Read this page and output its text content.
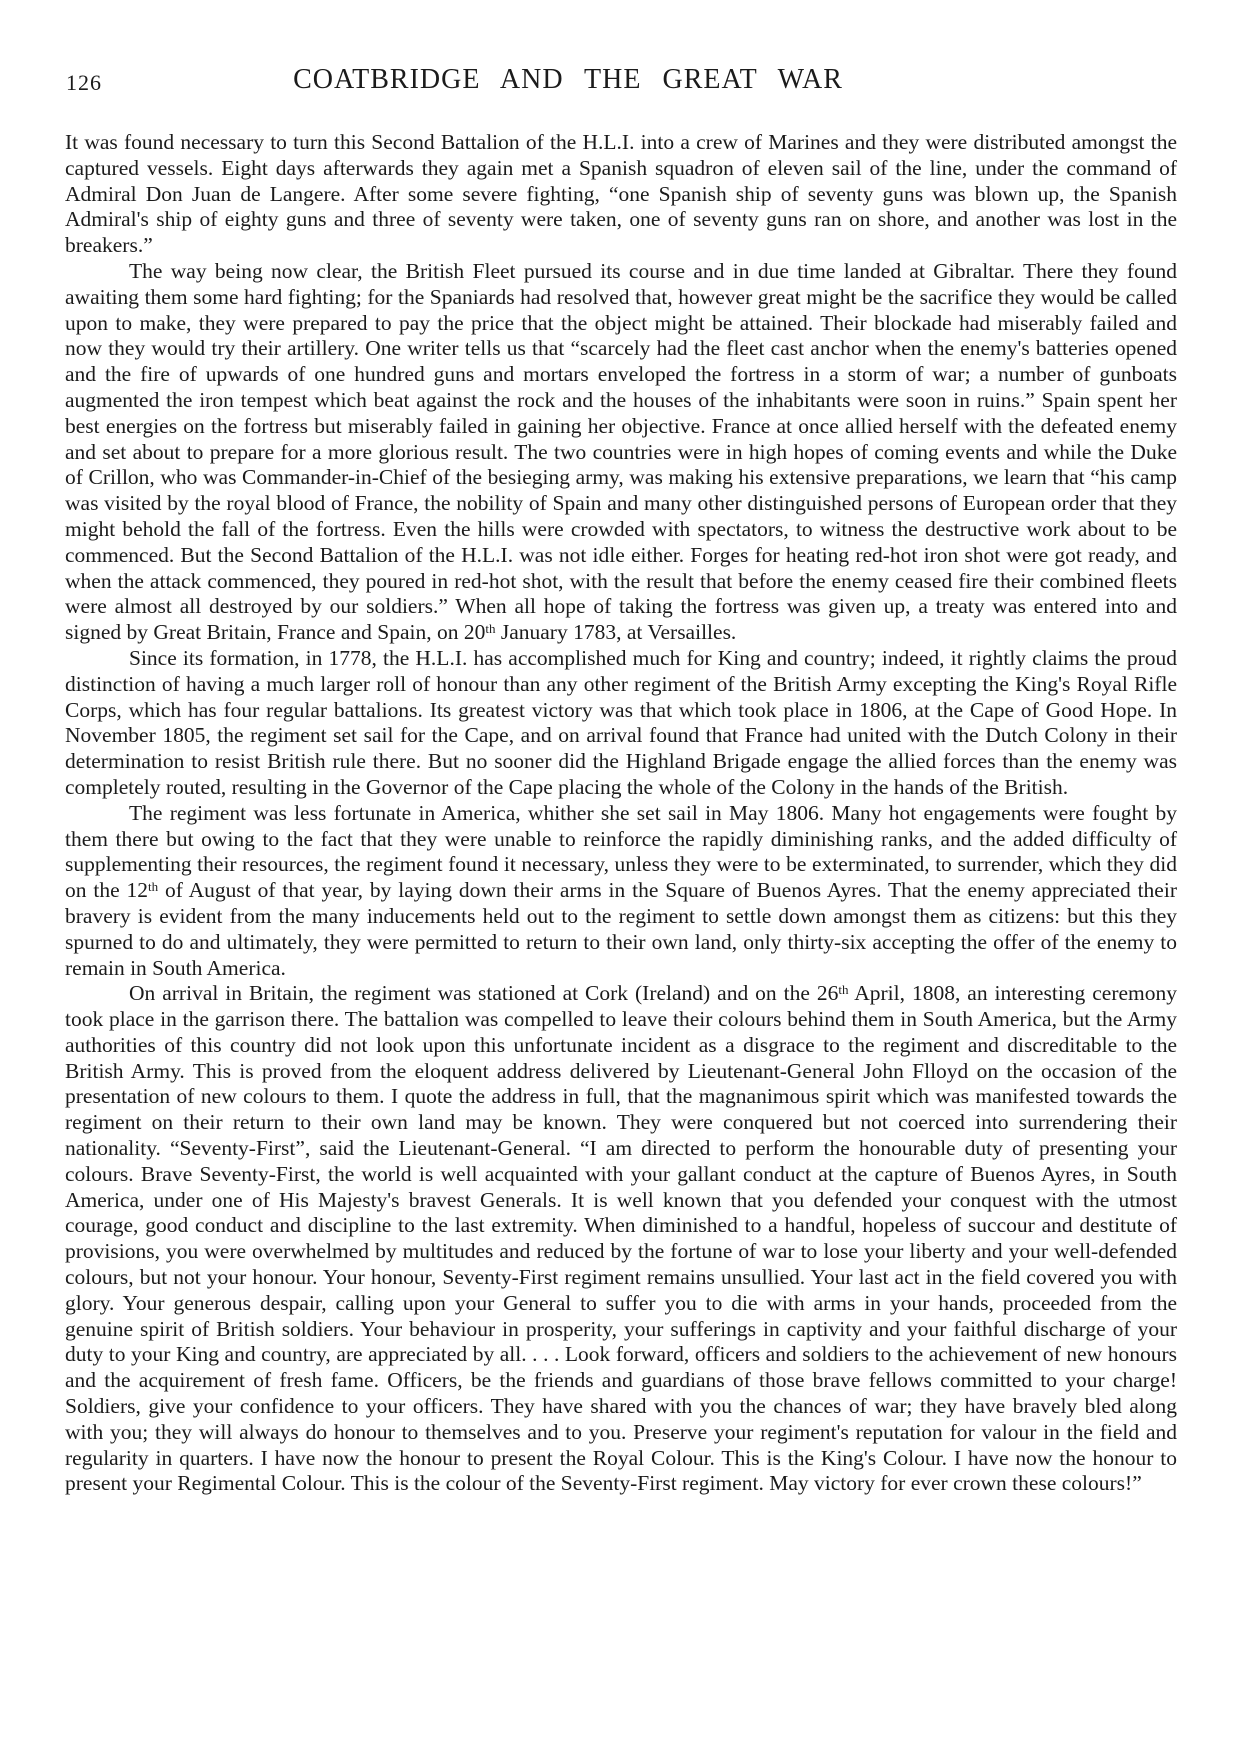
126	COATBRIDGE AND THE GREAT WAR

It was found necessary to turn this Second Battalion of the H.L.I. into a crew of Marines and they were distributed amongst the captured vessels. Eight days afterwards they again met a Spanish squadron of eleven sail of the line, under the command of Admiral Don Juan de Langere. After some severe fighting, “one Spanish ship of seventy guns was blown up, the Spanish Admiral's ship of eighty guns and three of seventy were taken, one of seventy guns ran on shore, and another was lost in the breakers.”

The way being now clear, the British Fleet pursued its course and in due time landed at Gibraltar. There they found awaiting them some hard fighting; for the Spaniards had resolved that, however great might be the sacrifice they would be called upon to make, they were prepared to pay the price that the object might be attained. Their blockade had miserably failed and now they would try their artillery. One writer tells us that “scarcely had the fleet cast anchor when the enemy's batteries opened and the fire of upwards of one hundred guns and mortars enveloped the fortress in a storm of war; a number of gunboats augmented the iron tempest which beat against the rock and the houses of the inhabitants were soon in ruins.” Spain spent her best energies on the fortress but miserably failed in gaining her objective. France at once allied herself with the defeated enemy and set about to prepare for a more glorious result. The two countries were in high hopes of coming events and while the Duke of Crillon, who was Commander-in-Chief of the besieging army, was making his extensive preparations, we learn that “his camp was visited by the royal blood of France, the nobility of Spain and many other distinguished persons of European order that they might behold the fall of the fortress. Even the hills were crowded with spectators, to witness the destructive work about to be commenced. But the Second Battalion of the H.L.I. was not idle either. Forges for heating red-hot iron shot were got ready, and when the attack commenced, they poured in red-hot shot, with the result that before the enemy ceased fire their combined fleets were almost all destroyed by our soldiers.” When all hope of taking the fortress was given up, a treaty was entered into and signed by Great Britain, France and Spain, on 20th January 1783, at Versailles.

Since its formation, in 1778, the H.L.I. has accomplished much for King and country; indeed, it rightly claims the proud distinction of having a much larger roll of honour than any other regiment of the British Army excepting the King's Royal Rifle Corps, which has four regular battalions. Its greatest victory was that which took place in 1806, at the Cape of Good Hope. In November 1805, the regiment set sail for the Cape, and on arrival found that France had united with the Dutch Colony in their determination to resist British rule there. But no sooner did the Highland Brigade engage the allied forces than the enemy was completely routed, resulting in the Governor of the Cape placing the whole of the Colony in the hands of the British.

The regiment was less fortunate in America, whither she set sail in May 1806. Many hot engagements were fought by them there but owing to the fact that they were unable to reinforce the rapidly diminishing ranks, and the added difficulty of supplementing their resources, the regiment found it necessary, unless they were to be exterminated, to surrender, which they did on the 12th of August of that year, by laying down their arms in the Square of Buenos Ayres. That the enemy appreciated their bravery is evident from the many inducements held out to the regiment to settle down amongst them as citizens: but this they spurned to do and ultimately, they were permitted to return to their own land, only thirty-six accepting the offer of the enemy to remain in South America.

On arrival in Britain, the regiment was stationed at Cork (Ireland) and on the 26th April, 1808, an interesting ceremony took place in the garrison there. The battalion was compelled to leave their colours behind them in South America, but the Army authorities of this country did not look upon this unfortunate incident as a disgrace to the regiment and discreditable to the British Army. This is proved from the eloquent address delivered by Lieutenant-General John Flloyd on the occasion of the presentation of new colours to them. I quote the address in full, that the magnanimous spirit which was manifested towards the regiment on their return to their own land may be known. They were conquered but not coerced into surrendering their nationality. “Seventy-First”, said the Lieutenant-General. “I am directed to perform the honourable duty of presenting your colours. Brave Seventy-First, the world is well acquainted with your gallant conduct at the capture of Buenos Ayres, in South America, under one of His Majesty's bravest Generals. It is well known that you defended your conquest with the utmost courage, good conduct and discipline to the last extremity. When diminished to a handful, hopeless of succour and destitute of provisions, you were overwhelmed by multitudes and reduced by the fortune of war to lose your liberty and your well-defended colours, but not your honour. Your honour, Seventy-First regiment remains unsullied. Your last act in the field covered you with glory. Your generous despair, calling upon your General to suffer you to die with arms in your hands, proceeded from the genuine spirit of British soldiers. Your behaviour in prosperity, your sufferings in captivity and your faithful discharge of your duty to your King and country, are appreciated by all. . . . Look forward, officers and soldiers to the achievement of new honours and the acquirement of fresh fame. Officers, be the friends and guardians of those brave fellows committed to your charge! Soldiers, give your confidence to your officers. They have shared with you the chances of war; they have bravely bled along with you; they will always do honour to themselves and to you. Preserve your regiment's reputation for valour in the field and regularity in quarters. I have now the honour to present the Royal Colour. This is the King's Colour. I have now the honour to present your Regimental Colour. This is the colour of the Seventy-First regiment. May victory for ever crown these colours!”
